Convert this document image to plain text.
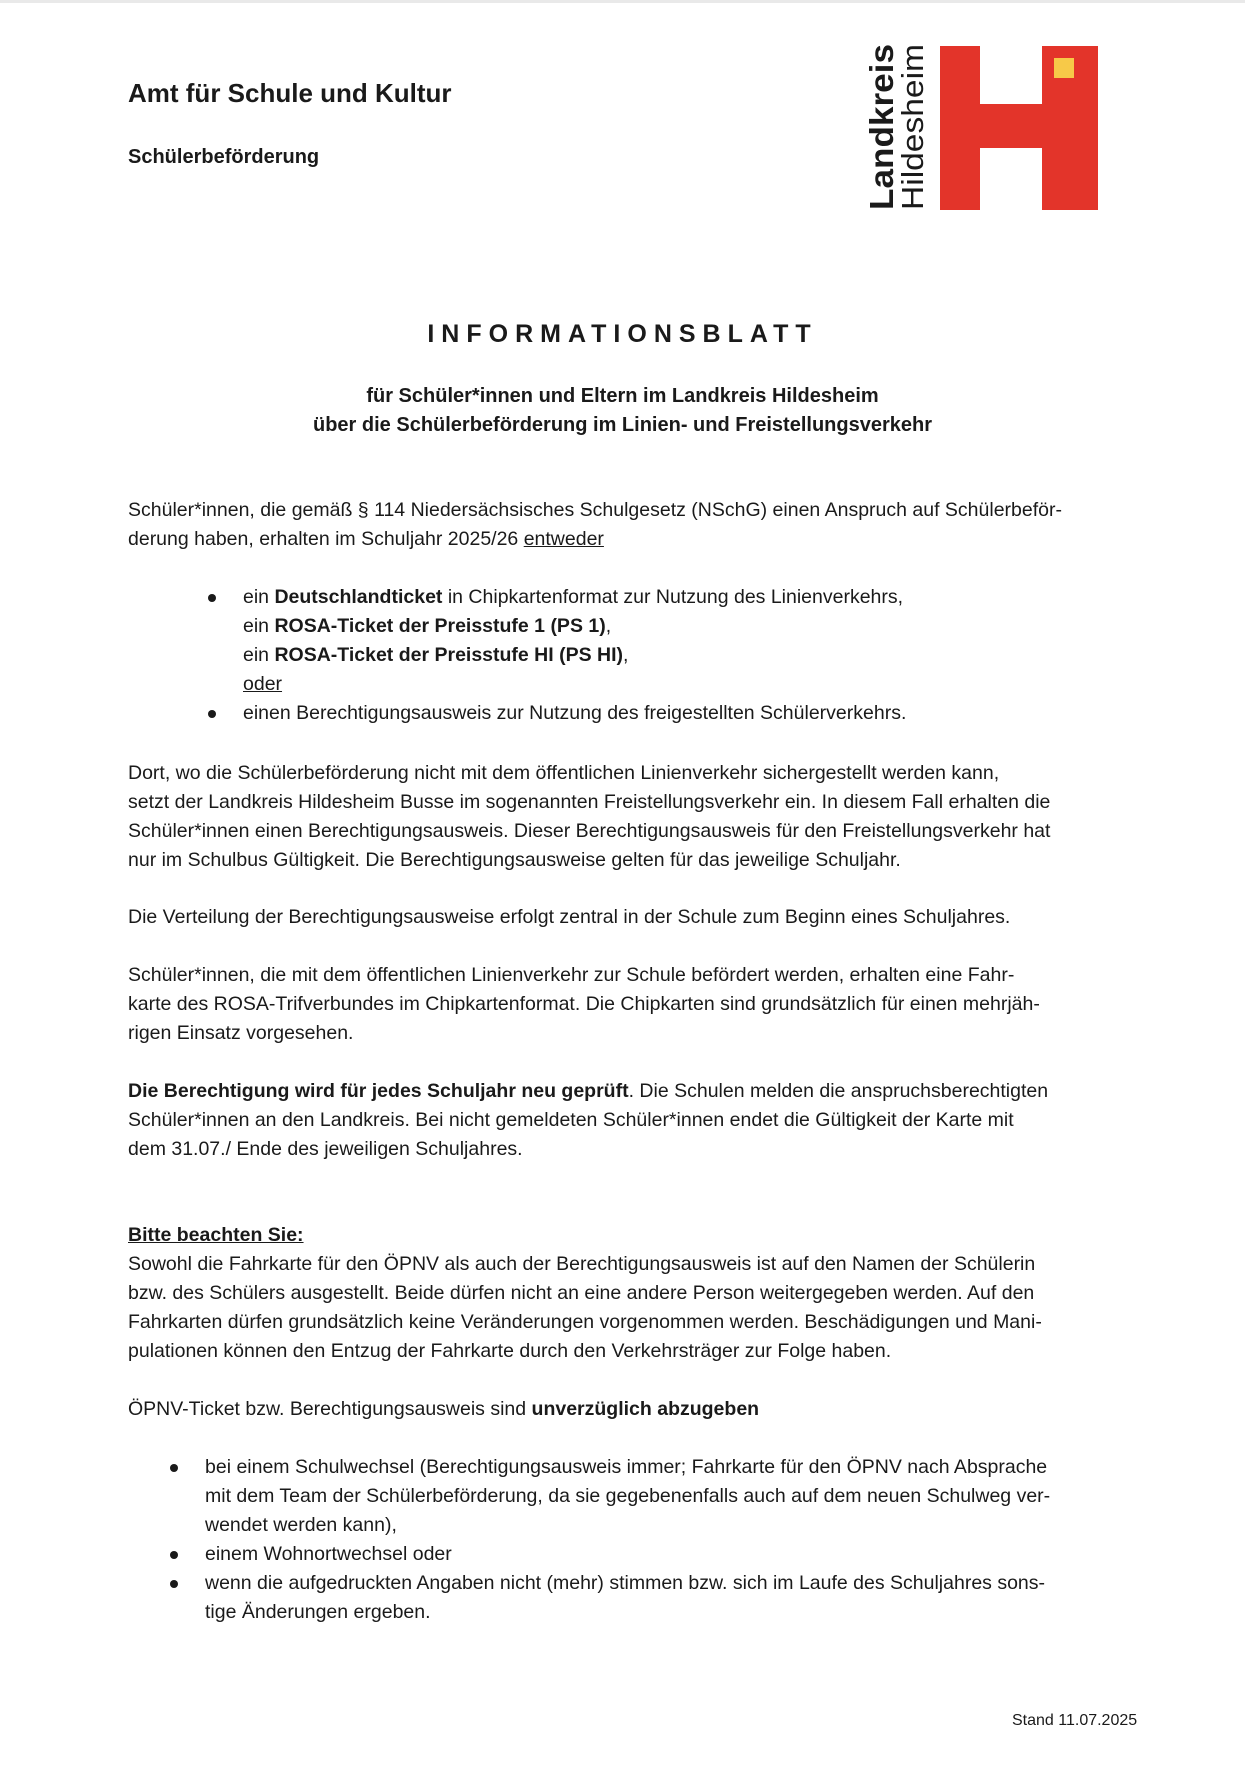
Amt für Schule und Kultur
Schülerbeförderung	Landkreis
Hildesheim
INFORMATIONSBLATT
für Schüler*innen und Eltern im Landkreis Hildesheim
über die Schülerbeförderung im Linien- und Freistellungsverkehr
Schüler*innen, die gemäß § 114 Niedersächsisches Schulgesetz (NSchG) einen Anspruch auf Schülerbeför-
derung haben, erhalten im Schuljahr 2025/26 entweder
ein Deutschlandticket in Chipkartenformat zur Nutzung des Linienverkehrs,
ein ROSA-Ticket der Preisstufe 1 (PS 1),
ein ROSA-Ticket der Preisstufe HI (PS HI),
oder
einen Berechtigungsausweis zur Nutzung des freigestellten Schülerverkehrs.
Dort, wo die Schülerbeförderung nicht mit dem öffentlichen Linienverkehr sichergestellt werden kann,
setzt der Landkreis Hildesheim Busse im sogenannten Freistellungsverkehr ein. In diesem Fall erhalten die
Schüler*innen einen Berechtigungsausweis. Dieser Berechtigungsausweis für den Freistellungsverkehr hat
nur im Schulbus Gültigkeit. Die Berechtigungsausweise gelten für das jeweilige Schuljahr.
Die Verteilung der Berechtigungsausweise erfolgt zentral in der Schule zum Beginn eines Schuljahres.
Schüler*innen, die mit dem öffentlichen Linienverkehr zur Schule befördert werden, erhalten eine Fahr-
karte des ROSA-Trifverbundes im Chipkartenformat. Die Chipkarten sind grundsätzlich für einen mehrjäh-
rigen Einsatz vorgesehen.
Die Berechtigung wird für jedes Schuljahr neu geprüft. Die Schulen melden die anspruchsberechtigten
Schüler*innen an den Landkreis. Bei nicht gemeldeten Schüler*innen endet die Gültigkeit der Karte mit
dem 31.07./ Ende des jeweiligen Schuljahres.
Bitte beachten Sie:
Sowohl die Fahrkarte für den ÖPNV als auch der Berechtigungsausweis ist auf den Namen der Schülerin
bzw. des Schülers ausgestellt. Beide dürfen nicht an eine andere Person weitergegeben werden. Auf den
Fahrkarten dürfen grundsätzlich keine Veränderungen vorgenommen werden. Beschädigungen und Mani-
pulationen können den Entzug der Fahrkarte durch den Verkehrsträger zur Folge haben.
ÖPNV-Ticket bzw. Berechtigungsausweis sind unverzüglich abzugeben
bei einem Schulwechsel (Berechtigungsausweis immer; Fahrkarte für den ÖPNV nach Absprache
mit dem Team der Schülerbeförderung, da sie gegebenenfalls auch auf dem neuen Schulweg ver-
wendet werden kann),
einem Wohnortwechsel oder
wenn die aufgedruckten Angaben nicht (mehr) stimmen bzw. sich im Laufe des Schuljahres sons-
tige Änderungen ergeben.
Stand 11.07.2025
